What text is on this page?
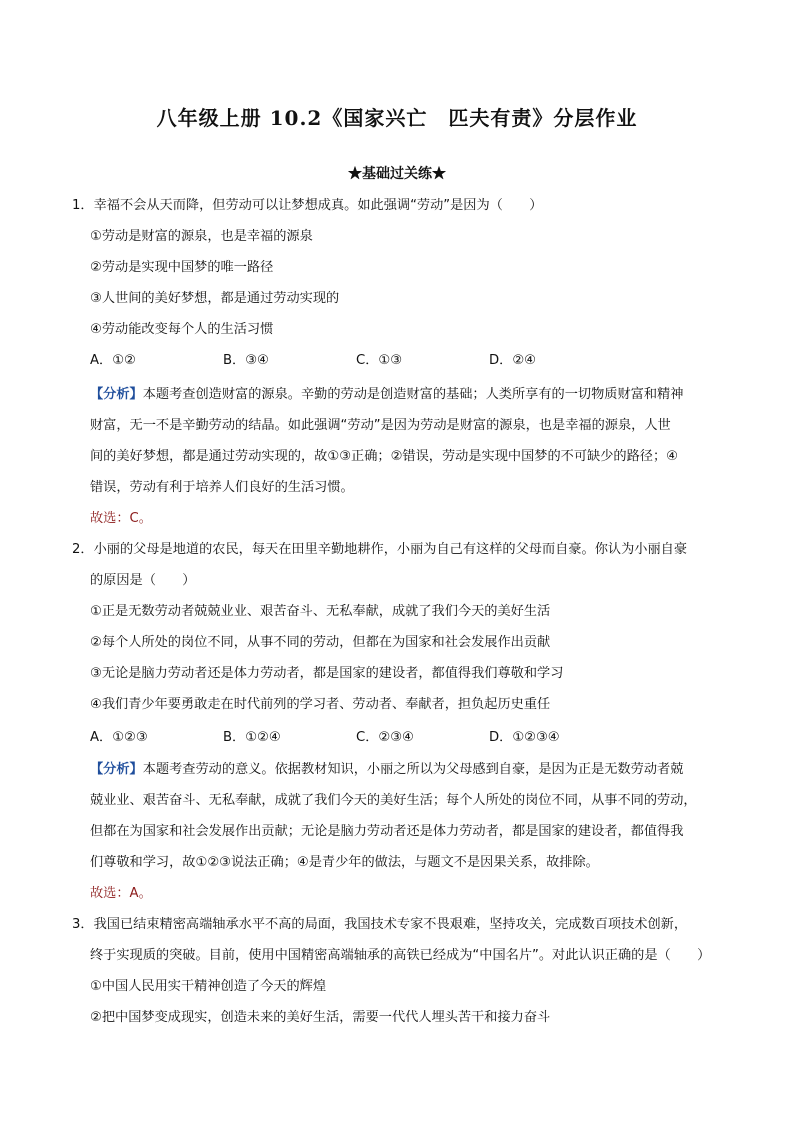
八年级上册 10.2《国家兴亡　匹夫有责》分层作业
★基础过关练★
1．幸福不会从天而降，但劳动可以让梦想成真。如此强调“劳动”是因为（　　）
①劳动是财富的源泉，也是幸福的源泉
②劳动是实现中国梦的唯一路径
③人世间的美好梦想，都是通过劳动实现的
④劳动能改变每个人的生活习惯
A．①②	B．③④	C．①③	D．②④
【分析】本题考查创造财富的源泉。辛勤的劳动是创造财富的基础；人类所享有的一切物质财富和精神
财富，无一不是辛勤劳动的结晶。如此强调“劳动”是因为劳动是财富的源泉，也是幸福的源泉，人世
间的美好梦想，都是通过劳动实现的，故①③正确；②错误，劳动是实现中国梦的不可缺少的路径；④
错误，劳动有利于培养人们良好的生活习惯。
故选：C。
2．小丽的父母是地道的农民，每天在田里辛勤地耕作，小丽为自己有这样的父母而自豪。你认为小丽自豪
的原因是（　　）
①正是无数劳动者兢兢业业、艰苦奋斗、无私奉献，成就了我们今天的美好生活
②每个人所处的岗位不同，从事不同的劳动，但都在为国家和社会发展作出贡献
③无论是脑力劳动者还是体力劳动者，都是国家的建设者，都值得我们尊敬和学习
④我们青少年要勇敢走在时代前列的学习者、劳动者、奉献者，担负起历史重任
A．①②③	B．①②④	C．②③④	D．①②③④
【分析】本题考查劳动的意义。依据教材知识，小丽之所以为父母感到自豪，是因为正是无数劳动者兢
兢业业、艰苦奋斗、无私奉献，成就了我们今天的美好生活；每个人所处的岗位不同，从事不同的劳动，
但都在为国家和社会发展作出贡献；无论是脑力劳动者还是体力劳动者，都是国家的建设者，都值得我
们尊敬和学习，故①②③说法正确；④是青少年的做法，与题文不是因果关系，故排除。
故选：A。
3．我国已结束精密高端轴承水平不高的局面，我国技术专家不畏艰难，坚持攻关，完成数百项技术创新，
终于实现质的突破。目前，使用中国精密高端轴承的高铁已经成为“中国名片”。对此认识正确的是（　　）
①中国人民用实干精神创造了今天的辉煌
②把中国梦变成现实，创造未来的美好生活，需要一代代人埋头苦干和接力奋斗
